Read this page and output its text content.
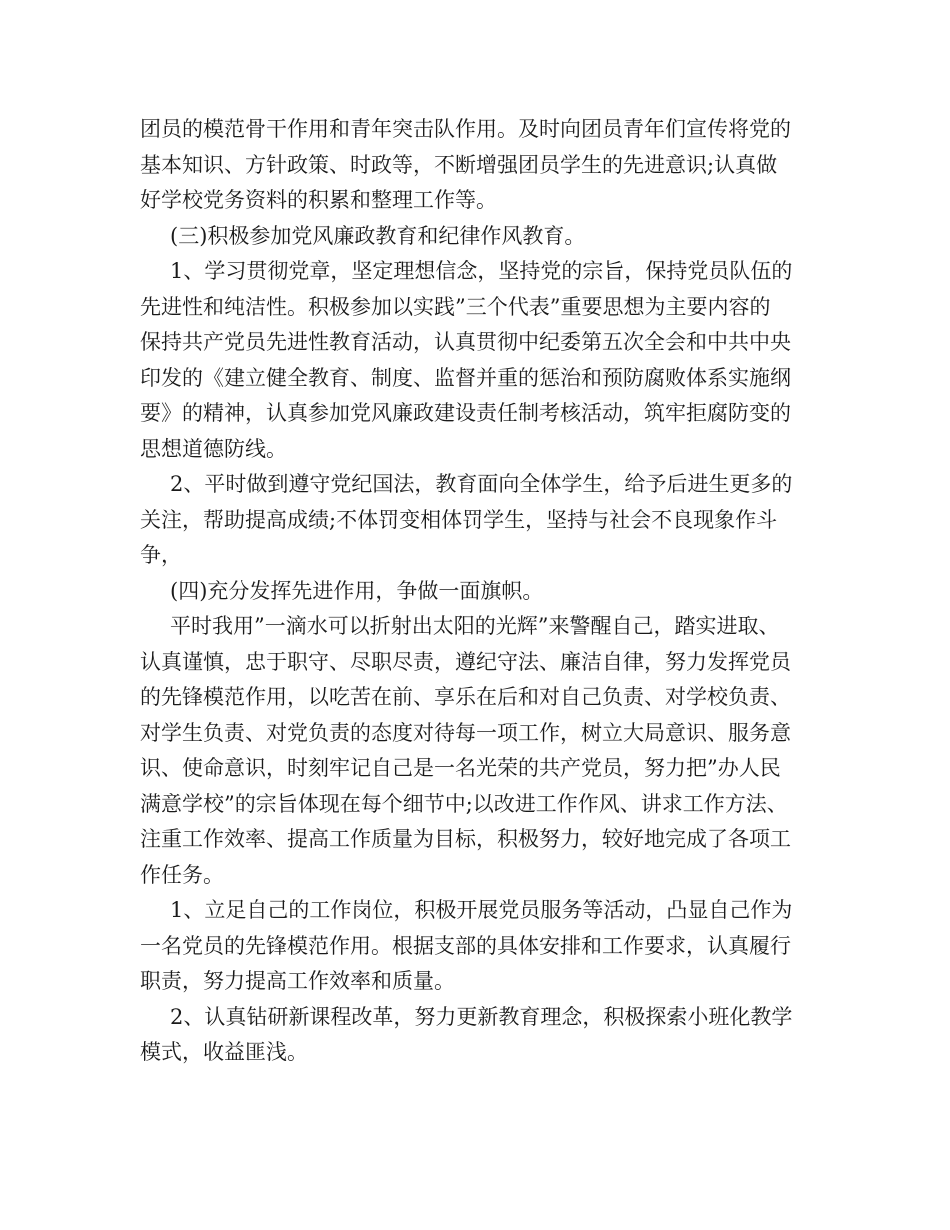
团员的模范骨干作用和青年突击队作用。及时向团员青年们宣传将党的
基本知识、方针政策、时政等，不断增强团员学生的先进意识;认真做
好学校党务资料的积累和整理工作等。
(三)积极参加党风廉政教育和纪律作风教育。
1、学习贯彻党章，坚定理想信念，坚持党的宗旨，保持党员队伍的
先进性和纯洁性。积极参加以实践”三个代表”重要思想为主要内容的
保持共产党员先进性教育活动，认真贯彻中纪委第五次全会和中共中央
印发的《建立健全教育、制度、监督并重的惩治和预防腐败体系实施纲
要》的精神，认真参加党风廉政建设责任制考核活动，筑牢拒腐防变的
思想道德防线。
2、平时做到遵守党纪国法，教育面向全体学生，给予后进生更多的
关注，帮助提高成绩;不体罚变相体罚学生，坚持与社会不良现象作斗
争，
(四)充分发挥先进作用，争做一面旗帜。
平时我用”一滴水可以折射出太阳的光辉”来警醒自己，踏实进取、
认真谨慎，忠于职守、尽职尽责，遵纪守法、廉洁自律，努力发挥党员
的先锋模范作用，以吃苦在前、享乐在后和对自己负责、对学校负责、
对学生负责、对党负责的态度对待每一项工作，树立大局意识、服务意
识、使命意识，时刻牢记自己是一名光荣的共产党员，努力把”办人民
满意学校”的宗旨体现在每个细节中;以改进工作作风、讲求工作方法、
注重工作效率、提高工作质量为目标，积极努力，较好地完成了各项工
作任务。
1、立足自己的工作岗位，积极开展党员服务等活动，凸显自己作为
一名党员的先锋模范作用。根据支部的具体安排和工作要求，认真履行
职责，努力提高工作效率和质量。
2、认真钻研新课程改革，努力更新教育理念，积极探索小班化教学
模式，收益匪浅。
